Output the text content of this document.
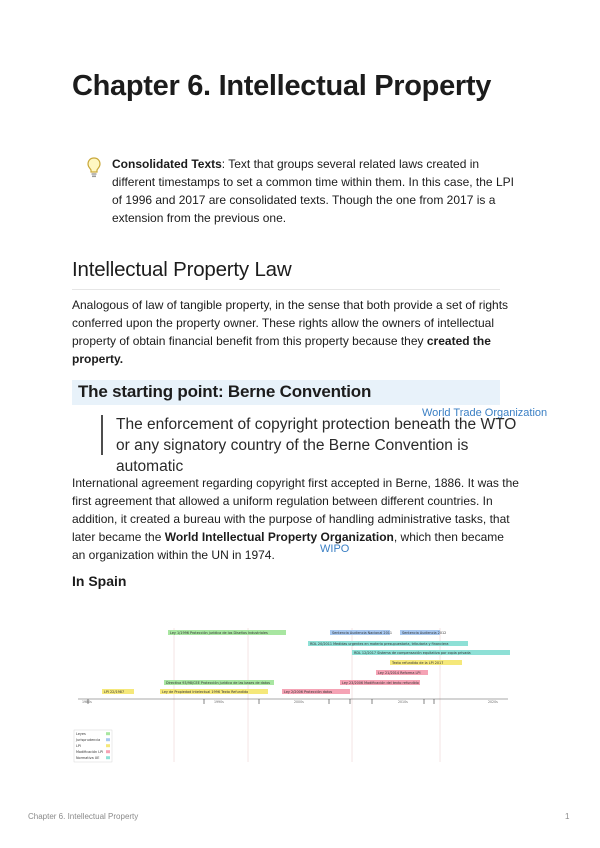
Chapter 6. Intellectual Property
Consolidated Texts: Text that groups several related laws created in different timestamps to set a common time within them. In this case, the LPI of 1996 and 2017 are consolidated texts. Though the one from 2017 is a extension from the previous one.
Intellectual Property Law
Analogous of law of tangible property, in the sense that both provide a set of rights conferred upon the property owner. These rights allow the owners of intellectual property of obtain financial benefit from this property because they created the property.
The starting point: Berne Convention
World Trade Organization
The enforcement of copyright protection beneath the WTO or any signatory country of the Berne Convention is automatic
International agreement regarding copyright first accepted in Berne, 1886. It was the first agreement that allowed a uniform regulation between different countries. In addition, it created a bureau with the purpose of handling administrative tasks, that later became the World Intellectual Property Organization, which then became an organization within the UN in 1974.	WIPO
In Spain
1980s	1990s	2000s	2010s	2020s
Ley 1/1996 Protección jurídica de los Diseños Industriales	Sentencia Audiencia Nacional 2011	Sentencia Audiencia 2012
RDL 20/2011 Medidas urgentes en materia presupuestaria, tributaria y financiera
RDL 12/2017 Sistema de compensación equitativa por copia privada
Texto refundido de la LPI 2017
Ley 21/2014 Reforma LPI
Ley 23/2006 Modificación del texto refundido
Directiva 93/98/CEE Protección jurídica de las bases de datos
LPI 22/1987	Ley de Propiedad Intelectual 1996 Texto Refundido	Ley 2/2006 Protección datos
Leyes
Jurisprudencia
LPI
Modificación LPI
Normativa UE
Chapter 6. Intellectual Property	1
